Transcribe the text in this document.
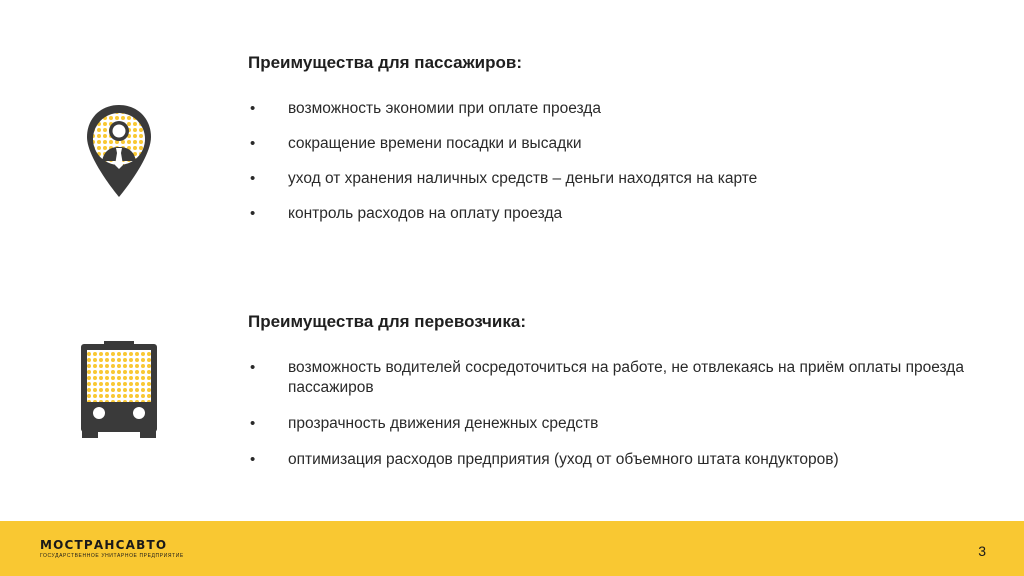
Преимущества для пассажиров:
• возможность экономии при оплате проезда
• сокращение времени посадки и высадки
• уход от хранения наличных средств – деньги находятся на карте
• контроль расходов на оплату проезда
Преимущества для перевозчика:
• возможность водителей сосредоточиться на работе, не отвлекаясь на приём оплаты проезда пассажиров
• прозрачность движения денежных средств
• оптимизация расходов предприятия (уход от объемного штата кондукторов)
МОСТРАНСАВТО
ГОСУДАРСТВЕННОЕ УНИТАРНОЕ ПРЕДПРИЯТИЕ	3
